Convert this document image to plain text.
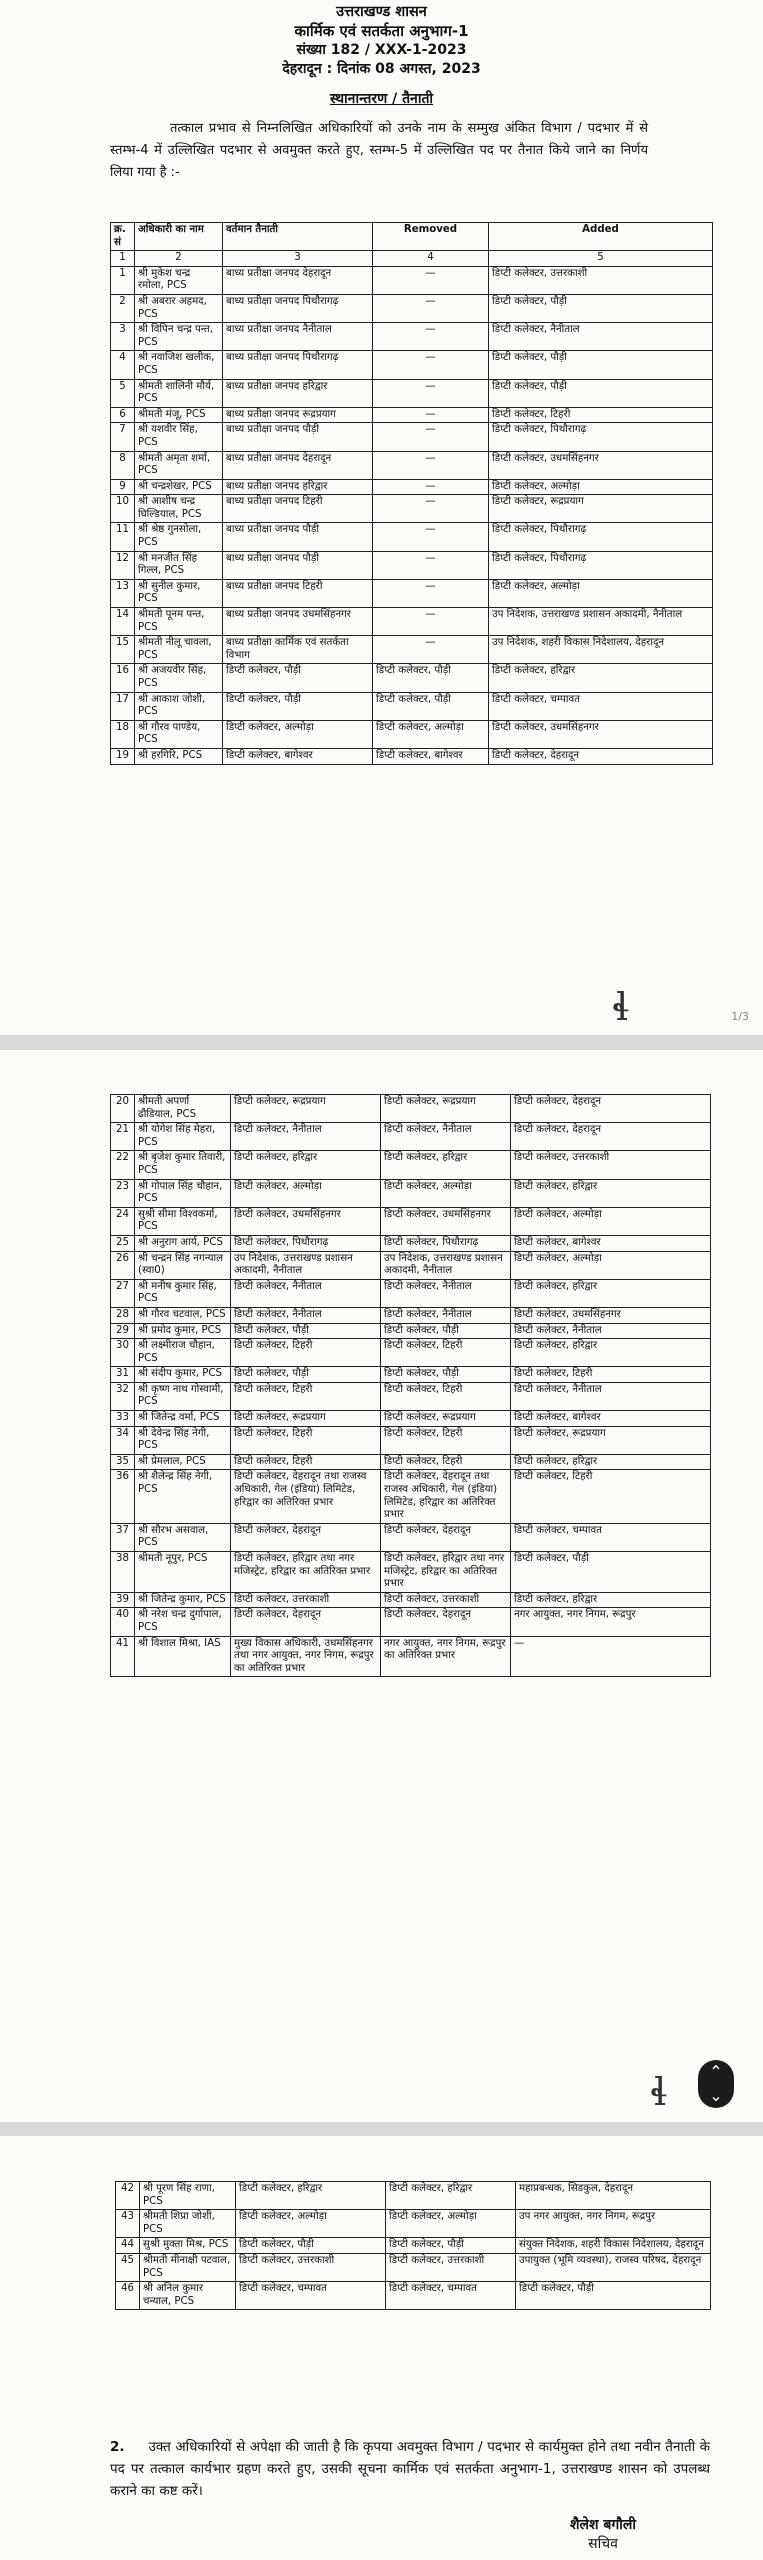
उत्तराखण्ड शासन
कार्मिक एवं सतर्कता अनुभाग-1
संख्या 182 / XXX-1-2023
देहरादून : दिनांक 08 अगस्त, 2023
स्थानान्तरण / तैनाती
तत्काल प्रभाव से निम्नलिखित अधिकारियों को उनके नाम के सम्मुख अंकित विभाग / पदभार में से स्तम्भ-4 में उल्लिखित पदभार से अवमुक्त करते हुए, स्तम्भ-5 में उल्लिखित पद पर तैनात किये जाने का निर्णय लिया गया है :-
क्र.सं	अधिकारी का नाम	वर्तमान तैनाती	Removed	Added
1	2	3	4	5
1	श्री मुकेश चन्द्र रमोला, PCS	बाध्य प्रतीक्षा जनपद देहरादून	—	डिप्टी कलेक्टर, उत्तरकाशी
2	श्री अबरार अहमद, PCS	बाध्य प्रतीक्षा जनपद पिथौरागढ़	—	डिप्टी कलेक्टर, पौड़ी
3	श्री विपिन चन्द्र पन्त, PCS	बाध्य प्रतीक्षा जनपद नैनीताल	—	डिप्टी कलेक्टर, नैनीताल
4	श्री नवाजिश खलीक, PCS	बाध्य प्रतीक्षा जनपद पिथौरागढ़	—	डिप्टी कलेक्टर, पौड़ी
5	श्रीमती शालिनी मौर्य, PCS	बाध्य प्रतीक्षा जनपद हरिद्वार	—	डिप्टी कलेक्टर, पौड़ी
6	श्रीमती मंजू, PCS	बाध्य प्रतीक्षा जनपद रूद्रप्रयाग	—	डिप्टी कलेक्टर, टिहरी
7	श्री यशवीर सिंह, PCS	बाध्य प्रतीक्षा जनपद पौड़ी	—	डिप्टी कलेक्टर, पिथौरागढ़
8	श्रीमती अमृता शर्मा, PCS	बाध्य प्रतीक्षा जनपद देहरादून	—	डिप्टी कलेक्टर, उधमसिंहनगर
9	श्री चन्द्रशेखर, PCS	बाध्य प्रतीक्षा जनपद हरिद्वार	—	डिप्टी कलेक्टर, अल्मोड़ा
10	श्री आशीष चन्द्र घिल्डियाल, PCS	बाध्य प्रतीक्षा जनपद टिहरी	—	डिप्टी कलेक्टर, रूद्रप्रयाग
11	श्री श्रेष्ठ गुनसोला, PCS	बाध्य प्रतीक्षा जनपद पौड़ी	—	डिप्टी कलेक्टर, पिथौरागढ़
12	श्री मनजीत सिंह गिल्ल, PCS	बाध्य प्रतीक्षा जनपद पौड़ी	—	डिप्टी कलेक्टर, पिथौरागढ़
13	श्री सुनील कुमार, PCS	बाध्य प्रतीक्षा जनपद टिहरी	—	डिप्टी कलेक्टर, अल्मोड़ा
14	श्रीमती पूनम पन्त, PCS	बाध्य प्रतीक्षा जनपद उधमसिंहनगर	—	उप निदेशक, उत्तराखण्ड प्रशासन अकादमी, नैनीताल
15	श्रीमती नीलू चावला, PCS	बाध्य प्रतीक्षा कार्मिक एवं सतर्कता विभाग	—	उप निदेशक, शहरी विकास निदेशालय, देहरादून
16	श्री अजयवीर सिंह, PCS	डिप्टी कलेक्टर, पौड़ी	डिप्टी कलेक्टर, पौड़ी	डिप्टी कलेक्टर, हरिद्वार
17	श्री आकाश जोशी, PCS	डिप्टी कलेक्टर, पौड़ी	डिप्टी कलेक्टर, पौड़ी	डिप्टी कलेक्टर, चम्पावत
18	श्री गौरव पाण्डेय, PCS	डिप्टी कलेक्टर, अल्मोड़ा	डिप्टी कलेक्टर, अल्मोड़ा	डिप्टी कलेक्टर, उधमसिंहनगर
19	श्री हरगिरि, PCS	डिप्टी कलेक्टर, बागेश्वर	डिप्टी कलेक्टर, बागेश्वर	डिप्टी कलेक्टर, देहरादून
ɬ	1/3
20	श्रीमती अपर्णा ढौडियाल, PCS	डिप्टी कलेक्टर, रूद्रप्रयाग	डिप्टी कलेक्टर, रूद्रप्रयाग	डिप्टी कलेक्टर, देहरादून
21	श्री योगेश सिंह मेहरा, PCS	डिप्टी कलेक्टर, नैनीताल	डिप्टी कलेक्टर, नैनीताल	डिप्टी कलेक्टर, देहरादून
22	श्री बृजेश कुमार तिवारी, PCS	डिप्टी कलेक्टर, हरिद्वार	डिप्टी कलेक्टर, हरिद्वार	डिप्टी कलेक्टर, उत्तरकाशी
23	श्री गोपाल सिंह चौहान, PCS	डिप्टी कलेक्टर, अल्मोड़ा	डिप्टी कलेक्टर, अल्मोड़ा	डिप्टी कलेक्टर, हरिद्वार
24	सुश्री सीमा विश्वकर्मा, PCS	डिप्टी कलेक्टर, उधमसिंहनगर	डिप्टी कलेक्टर, उधमसिंहनगर	डिप्टी कलेक्टर, अल्मोड़ा
25	श्री अनुराग आर्य, PCS	डिप्टी कलेक्टर, पिथौरागढ़	डिप्टी कलेक्टर, पिथौरागढ़	डिप्टी कलेक्टर, बागेश्वर
26	श्री चन्द्रन सिंह नगन्याल (स्वा0)	उप निदेशक, उत्तराखण्ड प्रशासन अकादमी, नैनीताल	उप निदेशक, उत्तराखण्ड प्रशासन अकादमी, नैनीताल	डिप्टी कलेक्टर, अल्मोड़ा
27	श्री मनीष कुमार सिंह, PCS	डिप्टी कलेक्टर, नैनीताल	डिप्टी कलेक्टर, नैनीताल	डिप्टी कलेक्टर, हरिद्वार
28	श्री गौरव चटवाल, PCS	डिप्टी कलेक्टर, नैनीताल	डिप्टी कलेक्टर, नैनीताल	डिप्टी कलेक्टर, उधमसिंहनगर
29	श्री प्रमोद कुमार, PCS	डिप्टी कलेक्टर, पौड़ी	डिप्टी कलेक्टर, पौड़ी	डिप्टी कलेक्टर, नैनीताल
30	श्री लक्ष्मीराज चौहान, PCS	डिप्टी कलेक्टर, टिहरी	डिप्टी कलेक्टर, टिहरी	डिप्टी कलेक्टर, हरिद्वार
31	श्री संदीप कुमार, PCS	डिप्टी कलेक्टर, पौड़ी	डिप्टी कलेक्टर, पौड़ी	डिप्टी कलेक्टर, टिहरी
32	श्री कृष्ण नाथ गोस्वामी, PCS	डिप्टी कलेक्टर, टिहरी	डिप्टी कलेक्टर, टिहरी	डिप्टी कलेक्टर, नैनीताल
33	श्री जितेन्द्र वर्मा, PCS	डिप्टी कलेक्टर, रूद्रप्रयाग	डिप्टी कलेक्टर, रूद्रप्रयाग	डिप्टी कलेक्टर, बागेश्वर
34	श्री देवेन्द्र सिंह नेगी, PCS	डिप्टी कलेक्टर, टिहरी	डिप्टी कलेक्टर, टिहरी	डिप्टी कलेक्टर, रूद्रप्रयाग
35	श्री प्रेमलाल, PCS	डिप्टी कलेक्टर, टिहरी	डिप्टी कलेक्टर, टिहरी	डिप्टी कलेक्टर, हरिद्वार
36	श्री शैलेन्द्र सिंह नेगी, PCS	डिप्टी कलेक्टर, देहरादून तथा राजस्व अधिकारी, गेल (इंडिया) लिमिटेड, हरिद्वार का अतिरिक्त प्रभार	डिप्टी कलेक्टर, देहरादून तथा राजस्व अधिकारी, गेल (इंडिया) लिमिटेड, हरिद्वार का अतिरिक्त प्रभार	डिप्टी कलेक्टर, टिहरी
37	श्री सौरभ असवाल, PCS	डिप्टी कलेक्टर, देहरादून	डिप्टी कलेक्टर, देहरादून	डिप्टी कलेक्टर, चम्पावत
38	श्रीमती नूपुर, PCS	डिप्टी कलेक्टर, हरिद्वार तथा नगर मजिस्ट्रेट, हरिद्वार का अतिरिक्त प्रभार	डिप्टी कलेक्टर, हरिद्वार तथा नगर मजिस्ट्रेट, हरिद्वार का अतिरिक्त प्रभार	डिप्टी कलेक्टर, पौड़ी
39	श्री जितेन्द्र कुमार, PCS	डिप्टी कलेक्टर, उत्तरकाशी	डिप्टी कलेक्टर, उत्तरकाशी	डिप्टी कलेक्टर, हरिद्वार
40	श्री नरेश चन्द्र दुर्गापाल, PCS	डिप्टी कलेक्टर, देहरादून	डिप्टी कलेक्टर, देहरादून	नगर आयुक्त, नगर निगम, रूद्रपुर
41	श्री विशाल मिश्रा, IAS	मुख्य विकास अधिकारी, उधमसिंहनगर तथा नगर आयुक्त, नगर निगम, रूद्रपुर का अतिरिक्त प्रभार	नगर आयुक्त, नगर निगम, रूद्रपुर का अतिरिक्त प्रभार	—
ɬ	⌃
⌄
42	श्री पूरण सिंह राणा, PCS	डिप्टी कलेक्टर, हरिद्वार	डिप्टी कलेक्टर, हरिद्वार	महाप्रबन्धक, सिडकुल, देहरादून
43	श्रीमती शिप्रा जोशी, PCS	डिप्टी कलेक्टर, अल्मोड़ा	डिप्टी कलेक्टर, अल्मोड़ा	उप नगर आयुक्त, नगर निगम, रूद्रपुर
44	सुश्री मुक्ता मिश्र, PCS	डिप्टी कलेक्टर, पौड़ी	डिप्टी कलेक्टर, पौड़ी	संयुक्त निदेशक, शहरी विकास निदेशालय, देहरादून
45	श्रीमती मीनाक्षी पटवाल, PCS	डिप्टी कलेक्टर, उत्तरकाशी	डिप्टी कलेक्टर, उत्तरकाशी	उपायुक्त (भूमि व्यवस्था), राजस्व परिषद, देहरादून
46	श्री अनिल कुमार चन्याल, PCS	डिप्टी कलेक्टर, चम्पावत	डिप्टी कलेक्टर, चम्पावत	डिप्टी कलेक्टर, पौड़ी
2. उक्त अधिकारियों से अपेक्षा की जाती है कि कृपया अवमुक्त विभाग / पदभार से कार्यमुक्त होने तथा नवीन तैनाती के पद पर तत्काल कार्यभार ग्रहण करते हुए, उसकी सूचना कार्मिक एवं सतर्कता अनुभाग-1, उत्तराखण्ड शासन को उपलब्ध कराने का कष्ट करें।
शैलेश बगौली
सचिव
